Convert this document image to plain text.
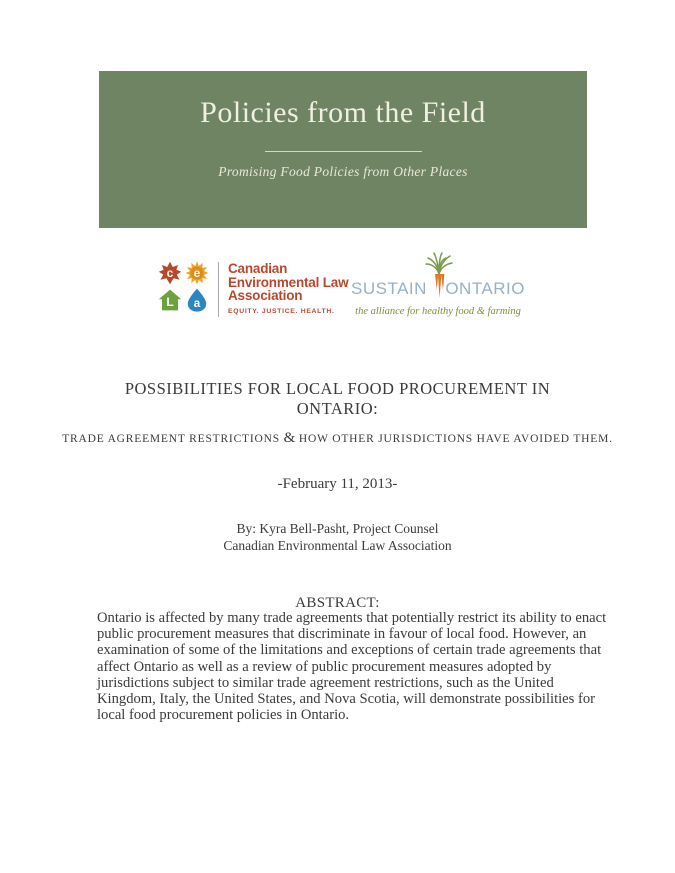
Policies from the Field
Promising Food Policies from Other Places
c	e
L	a
Canadian
Environmental Law
Association
EQUITY. JUSTICE. HEALTH.
SUSTAIN ONTARIO
the alliance for healthy food & farming
POSSIBILITIES FOR LOCAL FOOD PROCUREMENT IN
ONTARIO:
TRADE AGREEMENT RESTRICTIONS & HOW OTHER JURISDICTIONS HAVE AVOIDED THEM.
-February 11, 2013-
By: Kyra Bell-Pasht, Project Counsel
Canadian Environmental Law Association
ABSTRACT:
Ontario is affected by many trade agreements that potentially restrict its ability to enact public procurement measures that discriminate in favour of local food. However, an examination of some of the limitations and exceptions of certain trade agreements that affect Ontario as well as a review of public procurement measures adopted by jurisdictions subject to similar trade agreement restrictions, such as the United Kingdom, Italy, the United States, and Nova Scotia, will demonstrate possibilities for local food procurement policies in Ontario.
